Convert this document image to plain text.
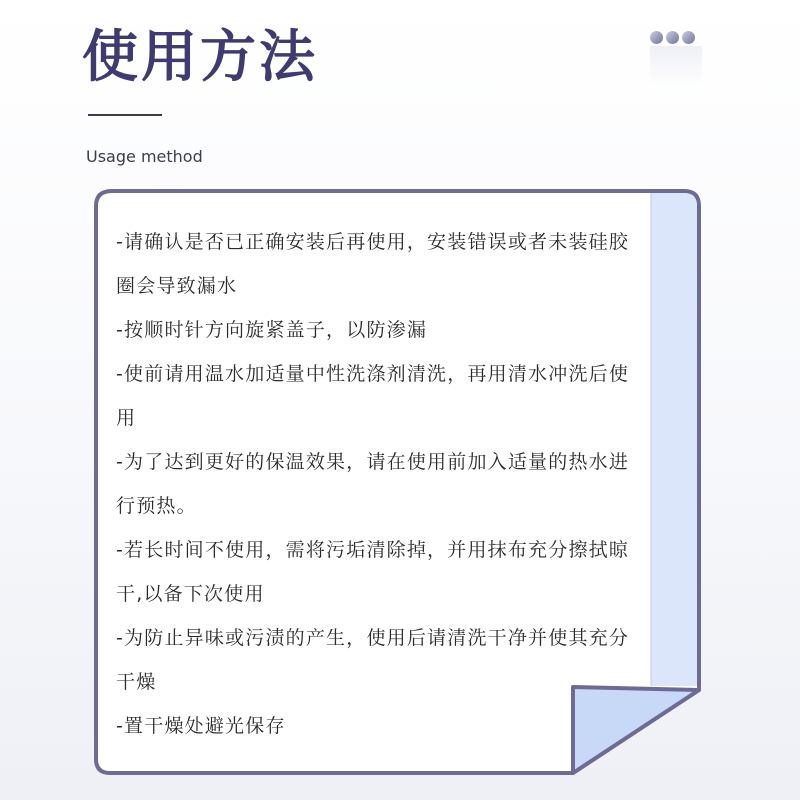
使用方法
Usage method
-请确认是否已正确安装后再使用，安装错误或者未装硅胶
圈会导致漏水
-按顺时针方向旋紧盖子，以防渗漏
-使前请用温水加适量中性洗涤剂清洗，再用清水冲洗后使
用
-为了达到更好的保温效果，请在使用前加入适量的热水进
行预热。
-若长时间不使用，需将污垢清除掉，并用抹布充分擦拭晾
干,以备下次使用
-为防止异味或污渍的产生，使用后请清洗干净并使其充分
干燥
-置干燥处避光保存
